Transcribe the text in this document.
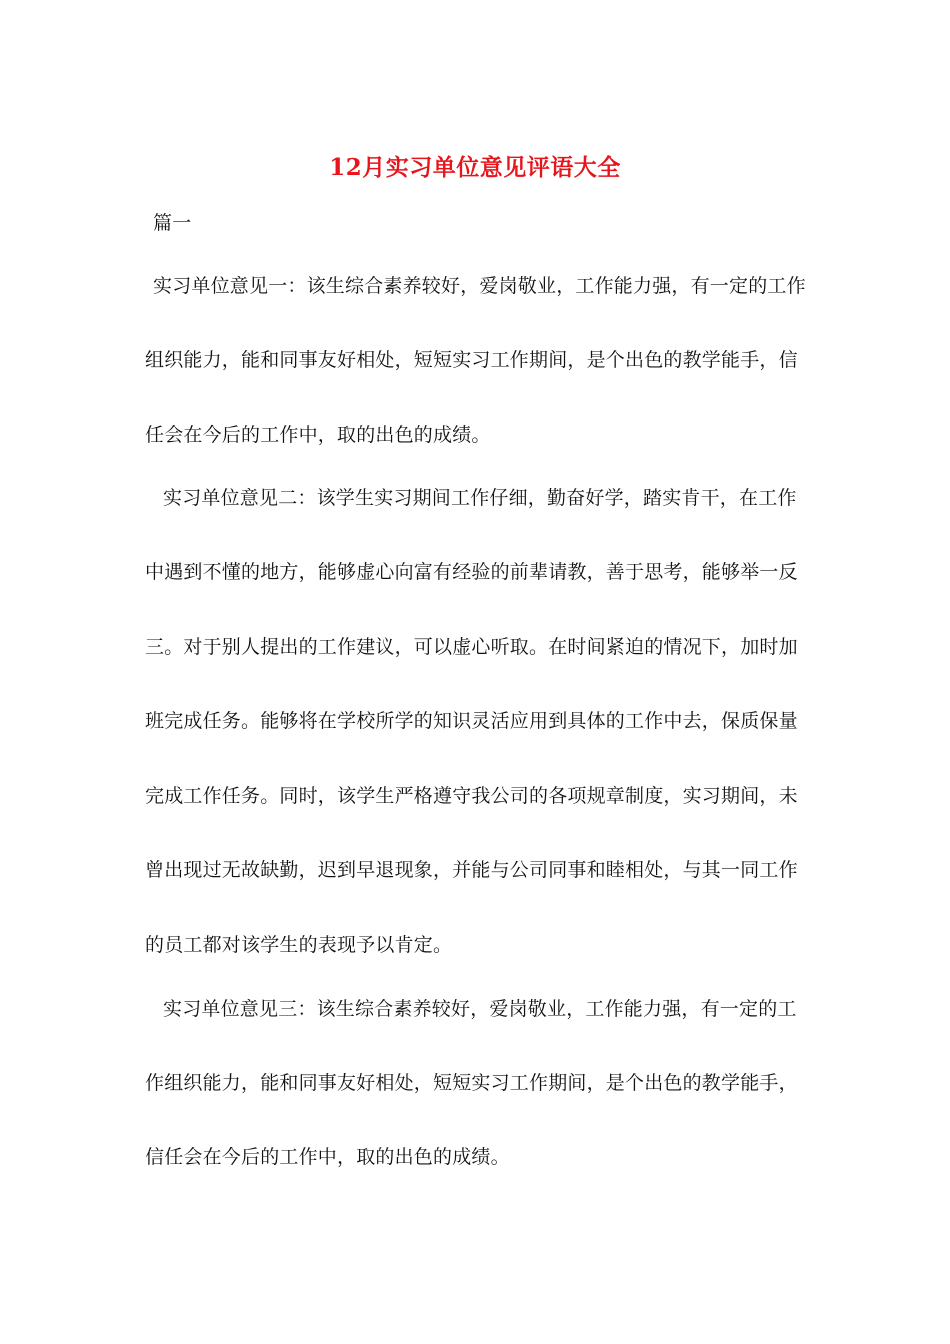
12月实习单位意见评语大全
篇一
实习单位意见一：该生综合素养较好，爱岗敬业，工作能力强，有一定的工作
组织能力，能和同事友好相处，短短实习工作期间，是个出色的教学能手，信
任会在今后的工作中，取的出色的成绩。
实习单位意见二：该学生实习期间工作仔细，勤奋好学，踏实肯干，在工作
中遇到不懂的地方，能够虚心向富有经验的前辈请教，善于思考，能够举一反
三。对于别人提出的工作建议，可以虚心听取。在时间紧迫的情况下，加时加
班完成任务。能够将在学校所学的知识灵活应用到具体的工作中去，保质保量
完成工作任务。同时，该学生严格遵守我公司的各项规章制度，实习期间，未
曾出现过无故缺勤，迟到早退现象，并能与公司同事和睦相处，与其一同工作
的员工都对该学生的表现予以肯定。
实习单位意见三：该生综合素养较好，爱岗敬业，工作能力强，有一定的工
作组织能力，能和同事友好相处，短短实习工作期间，是个出色的教学能手，
信任会在今后的工作中，取的出色的成绩。
